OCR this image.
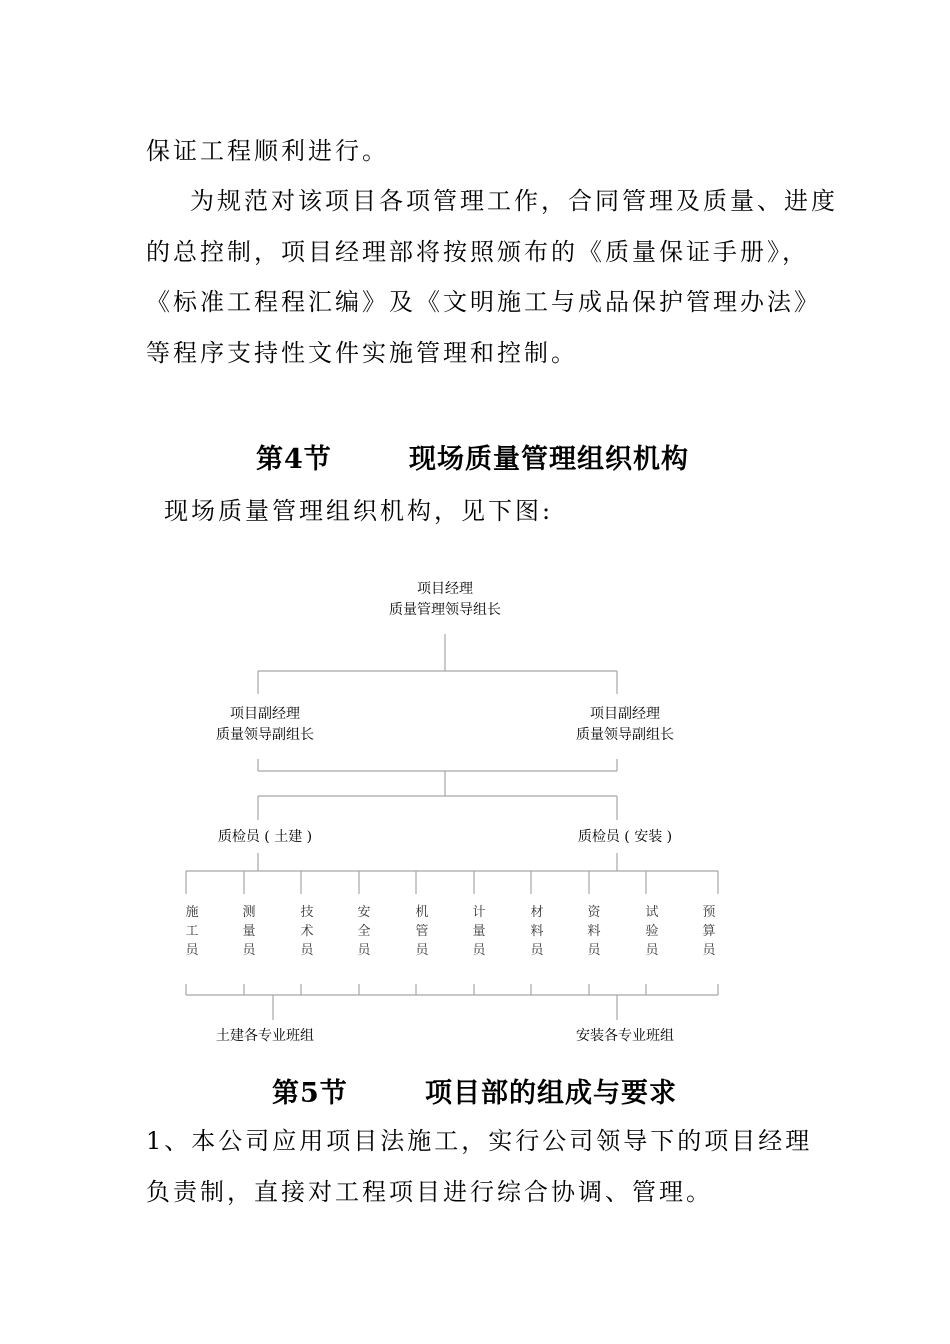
保证工程顺利进行。
为规范对该项目各项管理工作，合同管理及质量、进度
的总控制，项目经理部将按照颁布的《质量保证手册》，
《标准工程程汇编》及《文明施工与成品保护管理办法》
等程序支持性文件实施管理和控制。
第4节	现场质量管理组织机构
现场质量管理组织机构，见下图:
项目经理
质量管理领导组长
项目副经理
质量领导副组长
项目副经理
质量领导副组长
质检员 ( 土建 )	质检员 ( 安装 )
施
工
员
测
量
员
技
术
员
安
全
员
机
管
员
计
量
员
材
料
员
资
料
员
试
验
员
预
算
员
土建各专业班组	安装各专业班组
第5节	项目部的组成与要求
1、本公司应用项目法施工，实行公司领导下的项目经理
负责制，直接对工程项目进行综合协调、管理。
